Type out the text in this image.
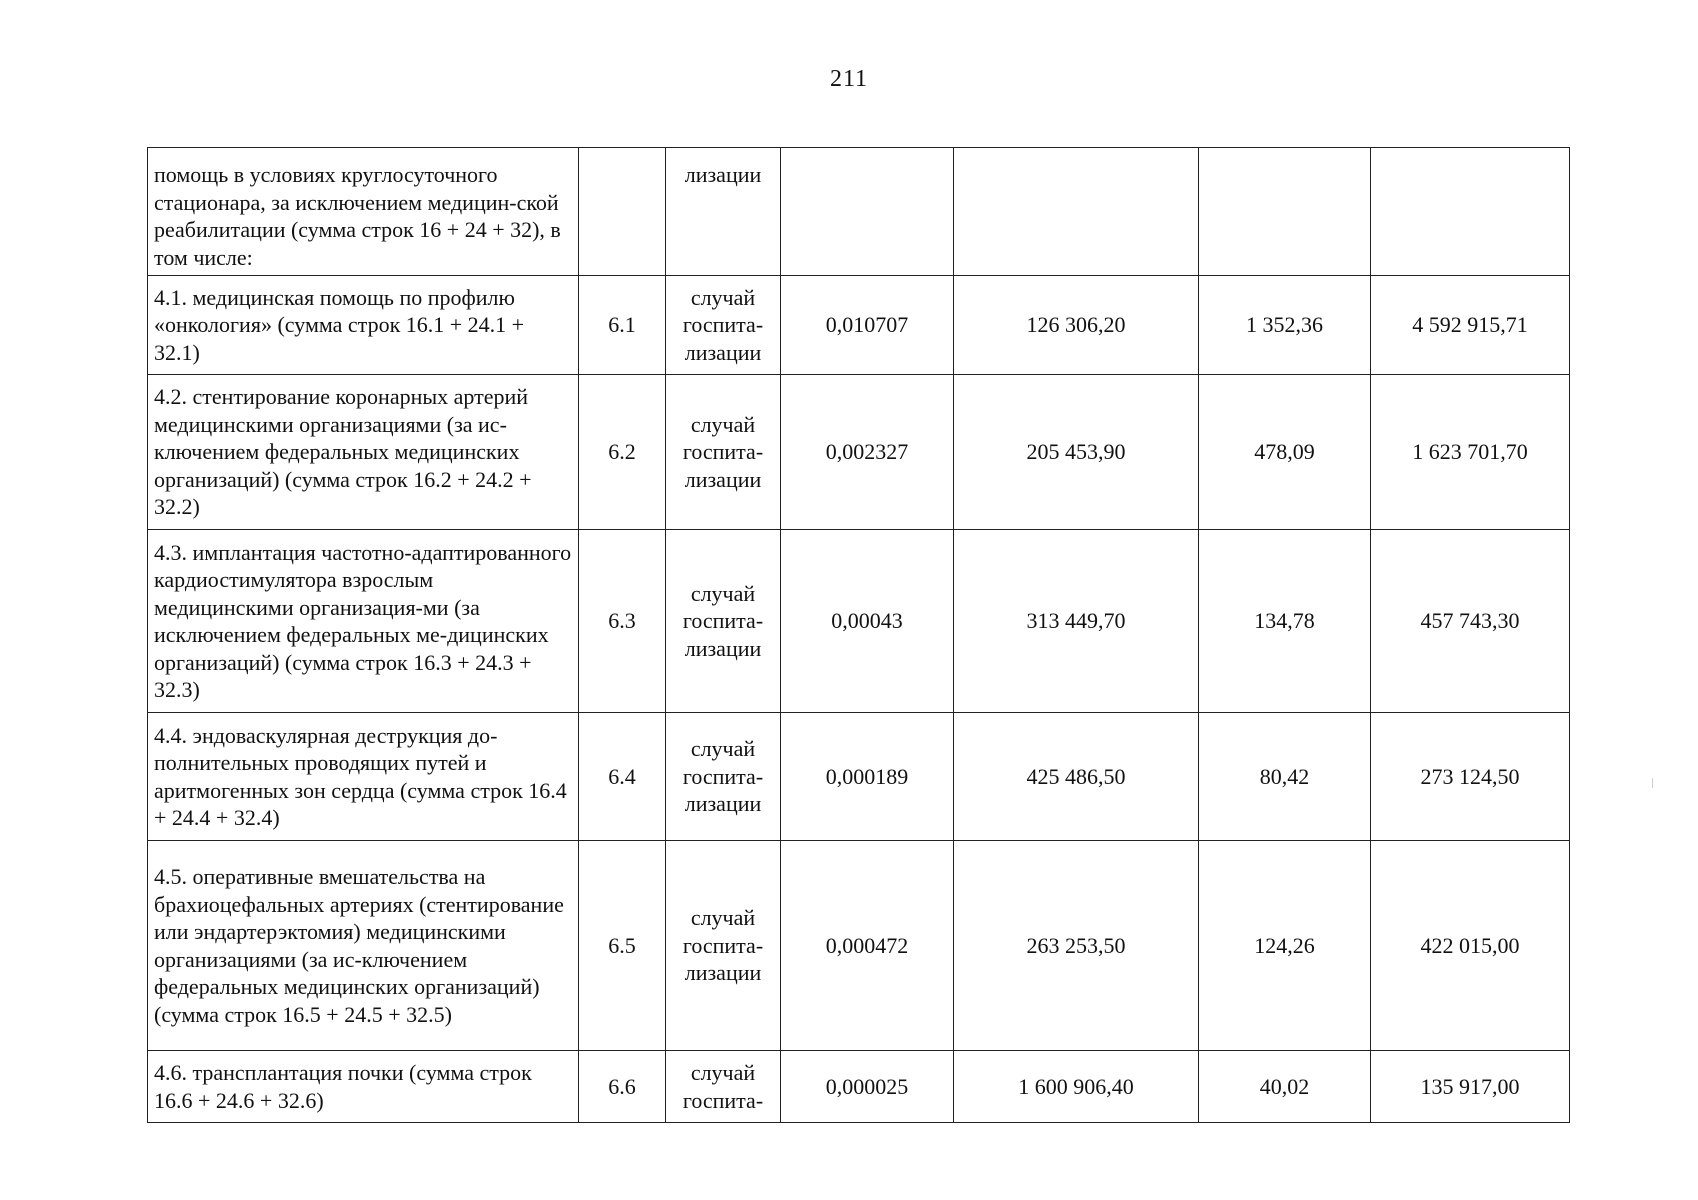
211
помощь в условиях круглосуточного стационара, за исключением медицин-ской реабилитации (сумма строк 16 + 24 + 32), в том числе:		лизации				
4.1. медицинская помощь по профилю «онкология» (сумма строк 16.1 + 24.1 + 32.1)	6.1	случай госпита-лизации	0,010707	126 306,20	1 352,36	4 592 915,71
4.2. стентирование коронарных артерий медицинскими организациями (за ис-ключением федеральных медицинских организаций) (сумма строк 16.2 + 24.2 + 32.2)	6.2	случай госпита-лизации	0,002327	205 453,90	478,09	1 623 701,70
4.3. имплантация частотно-адаптированного кардиостимулятора взрослым медицинскими организация-ми (за исключением федеральных ме-дицинских организаций) (сумма строк 16.3 + 24.3 + 32.3)	6.3	случай госпита-лизации	0,00043	313 449,70	134,78	457 743,30
4.4. эндоваскулярная деструкция до-полнительных проводящих путей и аритмогенных зон сердца (сумма строк 16.4 + 24.4 + 32.4)	6.4	случай госпита-лизации	0,000189	425 486,50	80,42	273 124,50
4.5. оперативные вмешательства на брахиоцефальных артериях (стентирование или эндартерэктомия) медицинскими организациями (за ис-ключением федеральных медицинских организаций) (сумма строк 16.5 + 24.5 + 32.5)	6.5	случай госпита-лизации	0,000472	263 253,50	124,26	422 015,00
4.6. трансплантация почки (сумма строк 16.6 + 24.6 + 32.6)	6.6	случай госпита-	0,000025	1 600 906,40	40,02	135 917,00
